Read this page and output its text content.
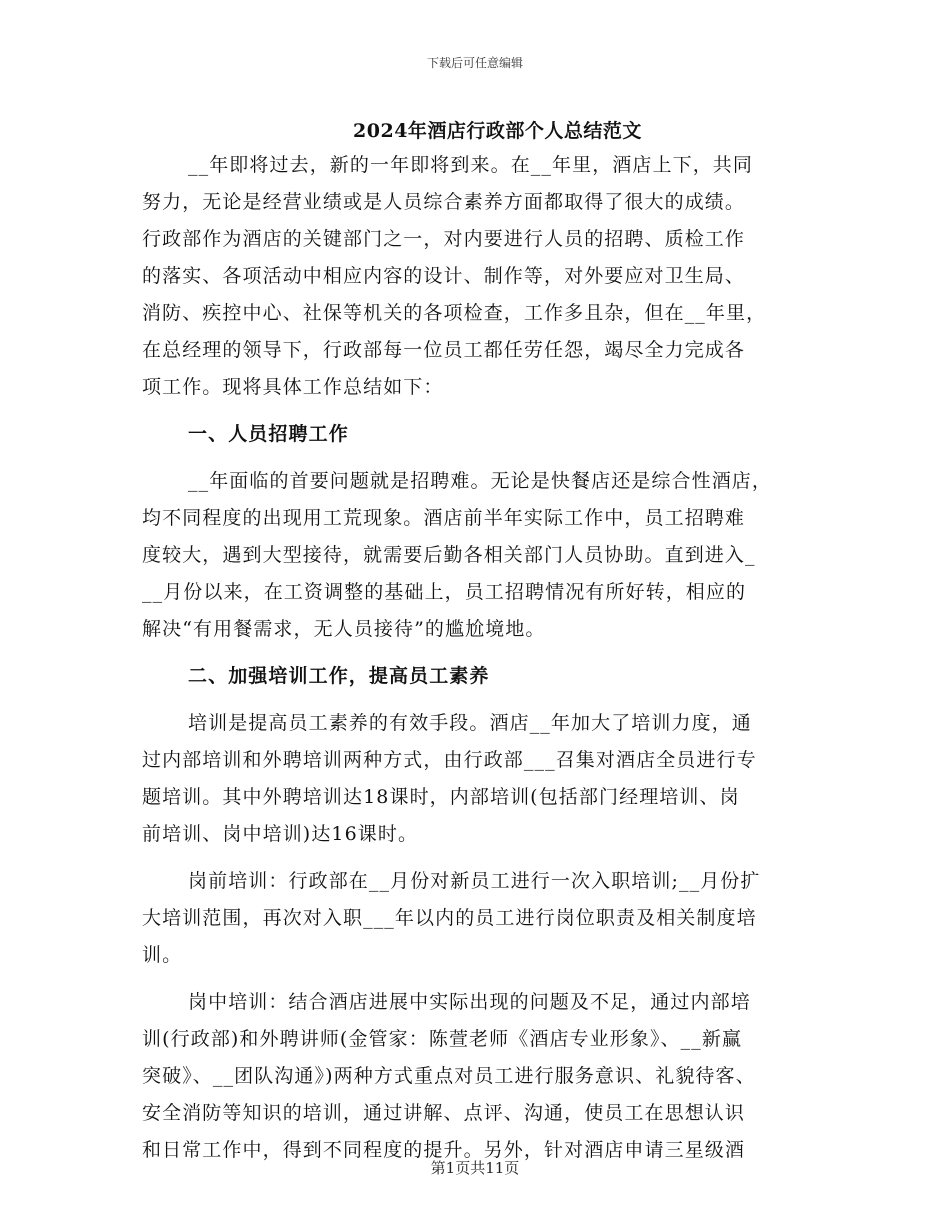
下载后可任意编辑
2024年酒店行政部个人总结范文
__年即将过去，新的一年即将到来。在__年里，酒店上下，共同
努力，无论是经营业绩或是人员综合素养方面都取得了很大的成绩。
行政部作为酒店的关键部门之一，对内要进行人员的招聘、质检工作
的落实、各项活动中相应内容的设计、制作等，对外要应对卫生局、
消防、疾控中心、社保等机关的各项检查，工作多且杂，但在__年里，
在总经理的领导下，行政部每一位员工都任劳任怨，竭尽全力完成各
项工作。现将具体工作总结如下：
一、人员招聘工作
__年面临的首要问题就是招聘难。无论是快餐店还是综合性酒店，
均不同程度的出现用工荒现象。酒店前半年实际工作中，员工招聘难
度较大，遇到大型接待，就需要后勤各相关部门人员协助。直到进入_
__月份以来，在工资调整的基础上，员工招聘情况有所好转，相应的
解决“有用餐需求，无人员接待”的尴尬境地。
二、加强培训工作，提高员工素养
培训是提高员工素养的有效手段。酒店__年加大了培训力度，通
过内部培训和外聘培训两种方式，由行政部___召集对酒店全员进行专
题培训。其中外聘培训达18课时，内部培训(包括部门经理培训、岗
前培训、岗中培训)达16课时。
岗前培训：行政部在__月份对新员工进行一次入职培训;__月份扩
大培训范围，再次对入职___年以内的员工进行岗位职责及相关制度培
训。
岗中培训：结合酒店进展中实际出现的问题及不足，通过内部培
训(行政部)和外聘讲师(金管家：陈萱老师《酒店专业形象》、__新赢
突破》、__团队沟通》)两种方式重点对员工进行服务意识、礼貌待客、
安全消防等知识的培训，通过讲解、点评、沟通，使员工在思想认识
和日常工作中，得到不同程度的提升。另外，针对酒店申请三星级酒
第1页共11页
